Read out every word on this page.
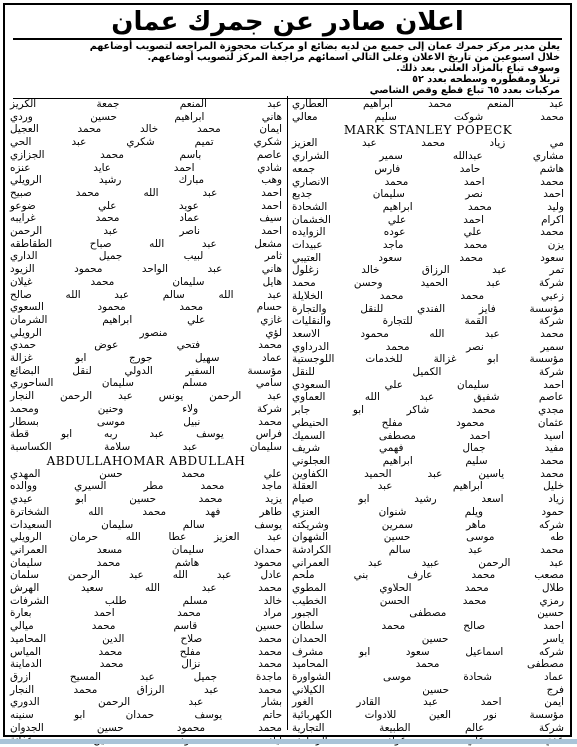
اعلان صادر عن جمرك عمان
يعلن مدير مركز جمرك عمان إلى جميع من لديه بضائع او مركبات محجوزة المراجعه لتصويب أوضاعهم
خلال اسبوعين من تاريخ الاعلان وعلى التالي اسمائهم مراجعة المركز لتصويب أوضاعهم.
وسوف تباع بالمزاد العلني بعد ذلك.
تريلا ومقطوره وسطحه بعدد ٥٢
مركبات بعدد ٦٥ تباع قطع وقص الشاصي
عبد المنعم محمد ابراهيم العطاري
محمد شوكت سليم معالي
MARK STANLEY POPECK
مي زياد محمد عبد العزيز
مشاري عبدالله سمير الشراري
هاشم حامد فارس جمعه
محمد احمد محمد الانصاري
احمد نصر سليمان جديع
وليد محمد ابراهيم الشحادة
اكرام احمد علي الخشمان
محمد علي عوده الزوايده
يزن محمد ماجد عبيدات
سعود محمد سعود العتيبي
تمر عبد الرزاق خالد زغلول
شركة عبد الحميد وحسن محمد
زعبي محمد محمد الخلايلة
مؤسسة فايز الفندي للنقل والتجارة
شركة القمة للتجارة والنقليات
محمد عبد الله محمود الاسعد
سمير نصر محمد الدرداوي
مؤسسة ابو غزالة للخدمات اللوجستية
شركة الكميل للنقل
احمد سليمان علي السعودي
عاصم شفيق عبد الله العماوي
مجدي محمد شاكر ابو جابر
عثمان محمود مفلح الحنيطي
اسيد احمد مصطفى السميك
مفيد جمال فهمي شريف
محمد سليم ابراهيم العجلوني
محمد ياسين عبد الحميد الكفاوين
خليل ابراهيم عبد العقلة
زياد اسعد رشيد ابو صيام
حمود ويلم شنوان العنزي
شركه ماهر سمرين وشريكته
طه موسى حسين الشهوان
محمد عبد سالم الكرادشة
عبد الرحمن عبيد عبد العمراني
مصعب محمد عارف بني ملحم
طلال محمد الحلاوي المطوي
رمزي محمد الحسن الخطيب
حسين مصطفى الجبور
احمد صالح محمد سلطان
ياسر حسين الحمدان
شركه اسماعيل سعود ابو مشرف
مصطفى محمد المحاميد
عماد شحادة موسى الشواورة
فرج حسين الكيلاني
ايمن احمد عبد القادر الغور
مؤسسة نور العين للادوات الكهربائية
شركة عالم الطبيعة التجارية
عبد المنعم جمعة الكريز
هاني ابراهيم حسين وردي
ايمان محمد خالد محمد العجيل
شكري تميم شكري عبد الحي
عاصم باسم محمد الجزازي
شادي احمد عايد عنزه
وهب مبارك رشيد الرويلي
احمد عبد الله محمد صبيح
احمد عويد علي ضوعو
سيف عماد محمد غرايبه
احمد ناصر عبد الرحمن
مشعل عبد الله صباح الطقاطقه
ثامر لبيب جميل الداري
هاني عبد الواحد محمود الزيود
هايل سليمان محمد غيلان
عبد الله سالم عبد الله صالح
حسام محمد محمود السعوي
غازي علي ابراهيم الشرمان
لؤي منصور الرويلي
محمد فتحي عوض حمدي
عماد سهيل جورج ابو غزالة
مؤسسة السفير الدولي لنقل البضائع
سامي مسلم سليمان الساحوري
عبد الرحمن يونس عبد الرحمن النجار
شركة ولاء وحنين ومحمد
محمد نبيل موسى بسطار
فراس يوسف عبد ربه ابو قطة
سليمان عبد سلامة الكساسبة
ABDULLAHOMAR ABDULLAH
علي محمد حسن المهدي
ماجد محمد مطر السيري ووالده
يزيد محمد حسين ابو عيدي
طاهر فهد محمد الله الشخاترة
يوسف سالم سليمان السعيدات
عبد العزيز عطا الله حرمان الرويلي
حمدان سليمان مسعد العمراني
محمود هاشم محمد سليمان
عادل عبد الله عبد الرحمن سلمان
محمد عبد الله سعيد الهرش
خالد مسلم طلب الشرفات
مراد محمد احمد بعارة
حسين قاسم محمد ميالي
محمد صلاح الدين المحاميد
محمد مفلح محمد المياس
محمد نزال محمد الدماينة
ماجدة جميل عبد المسيح ازرق
محمد عبد الرزاق محمد النجار
بشار عبد الرحمن الدوري
حاتم يوسف حمدان ابو سنينه
محمد محمود حسين الجدوان
